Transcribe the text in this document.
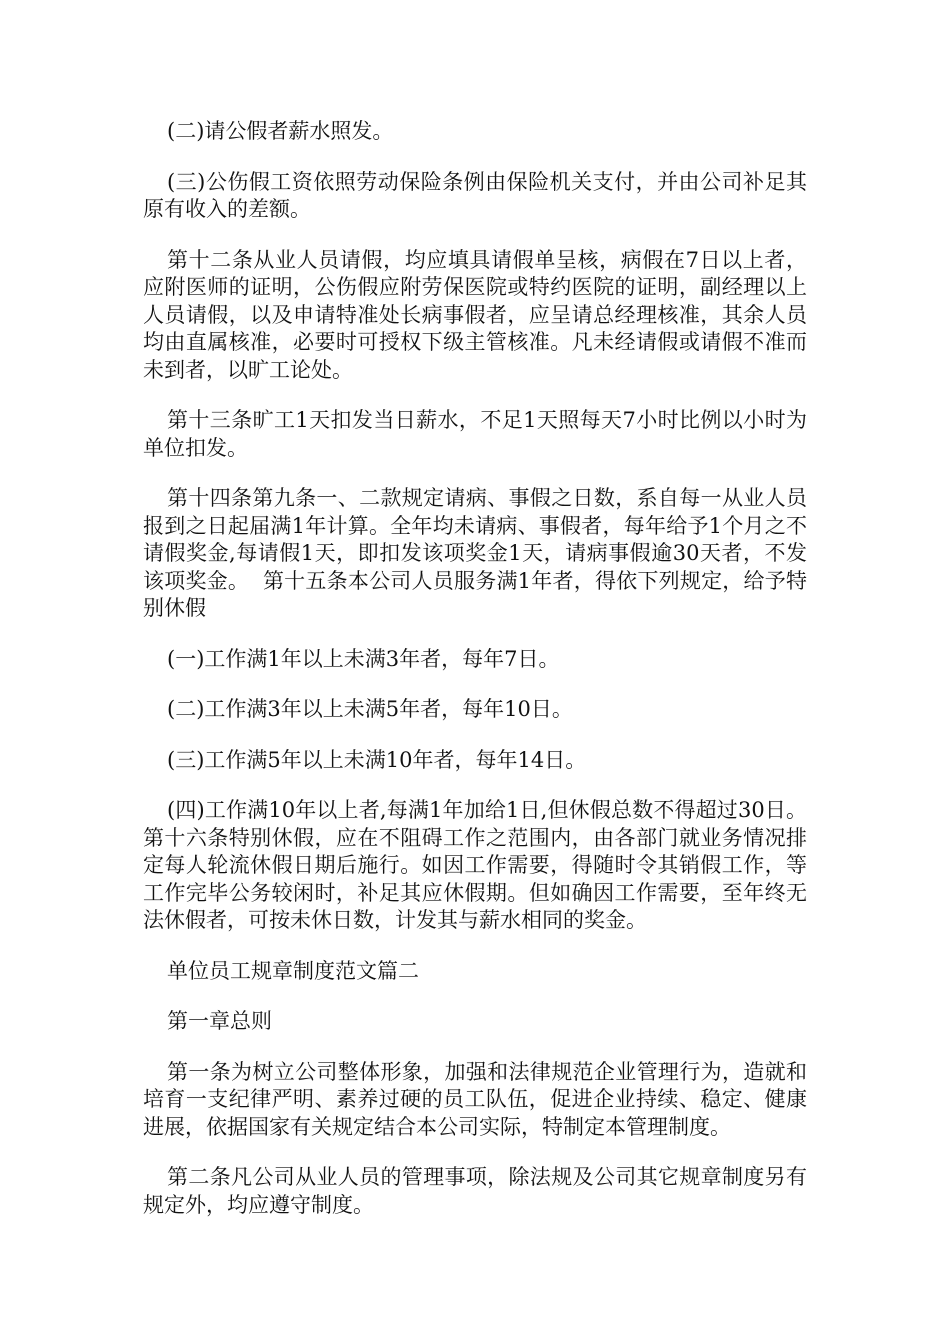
(二)请公假者薪水照发。

(三)公伤假工资依照劳动保险条例由保险机关支付，并由公司补足其原有收入的差额。

第十二条从业人员请假，均应填具请假单呈核，病假在7日以上者，应附医师的证明，公伤假应附劳保医院或特约医院的证明，副经理以上人员请假，以及申请特准处长病事假者，应呈请总经理核准，其余人员均由直属核准，必要时可授权下级主管核准。凡未经请假或请假不准而未到者，以旷工论处。

第十三条旷工1天扣发当日薪水，不足1天照每天7小时比例以小时为单位扣发。

第十四条第九条一、二款规定请病、事假之日数，系自每一从业人员报到之日起届满1年计算。全年均未请病、事假者，每年给予1个月之不请假奖金,每请假1天，即扣发该项奖金1天，请病事假逾30天者，不发该项奖金。  第十五条本公司人员服务满1年者，得依下列规定，给予特别休假

(一)工作满1年以上未满3年者，每年7日。

(二)工作满3年以上未满5年者，每年10日。

(三)工作满5年以上未满10年者，每年14日。

(四)工作满10年以上者,每满1年加给1日,但休假总数不得超过30日。第十六条特别休假，应在不阻碍工作之范围内，由各部门就业务情况排定每人轮流休假日期后施行。如因工作需要，得随时令其销假工作，等工作完毕公务较闲时，补足其应休假期。但如确因工作需要，至年终无法休假者，可按未休日数，计发其与薪水相同的奖金。

单位员工规章制度范文篇二

第一章总则

第一条为树立公司整体形象，加强和法律规范企业管理行为，造就和培育一支纪律严明、素养过硬的员工队伍，促进企业持续、稳定、健康进展，依据国家有关规定结合本公司实际，特制定本管理制度。

第二条凡公司从业人员的管理事项，除法规及公司其它规章制度另有规定外，均应遵守制度。
